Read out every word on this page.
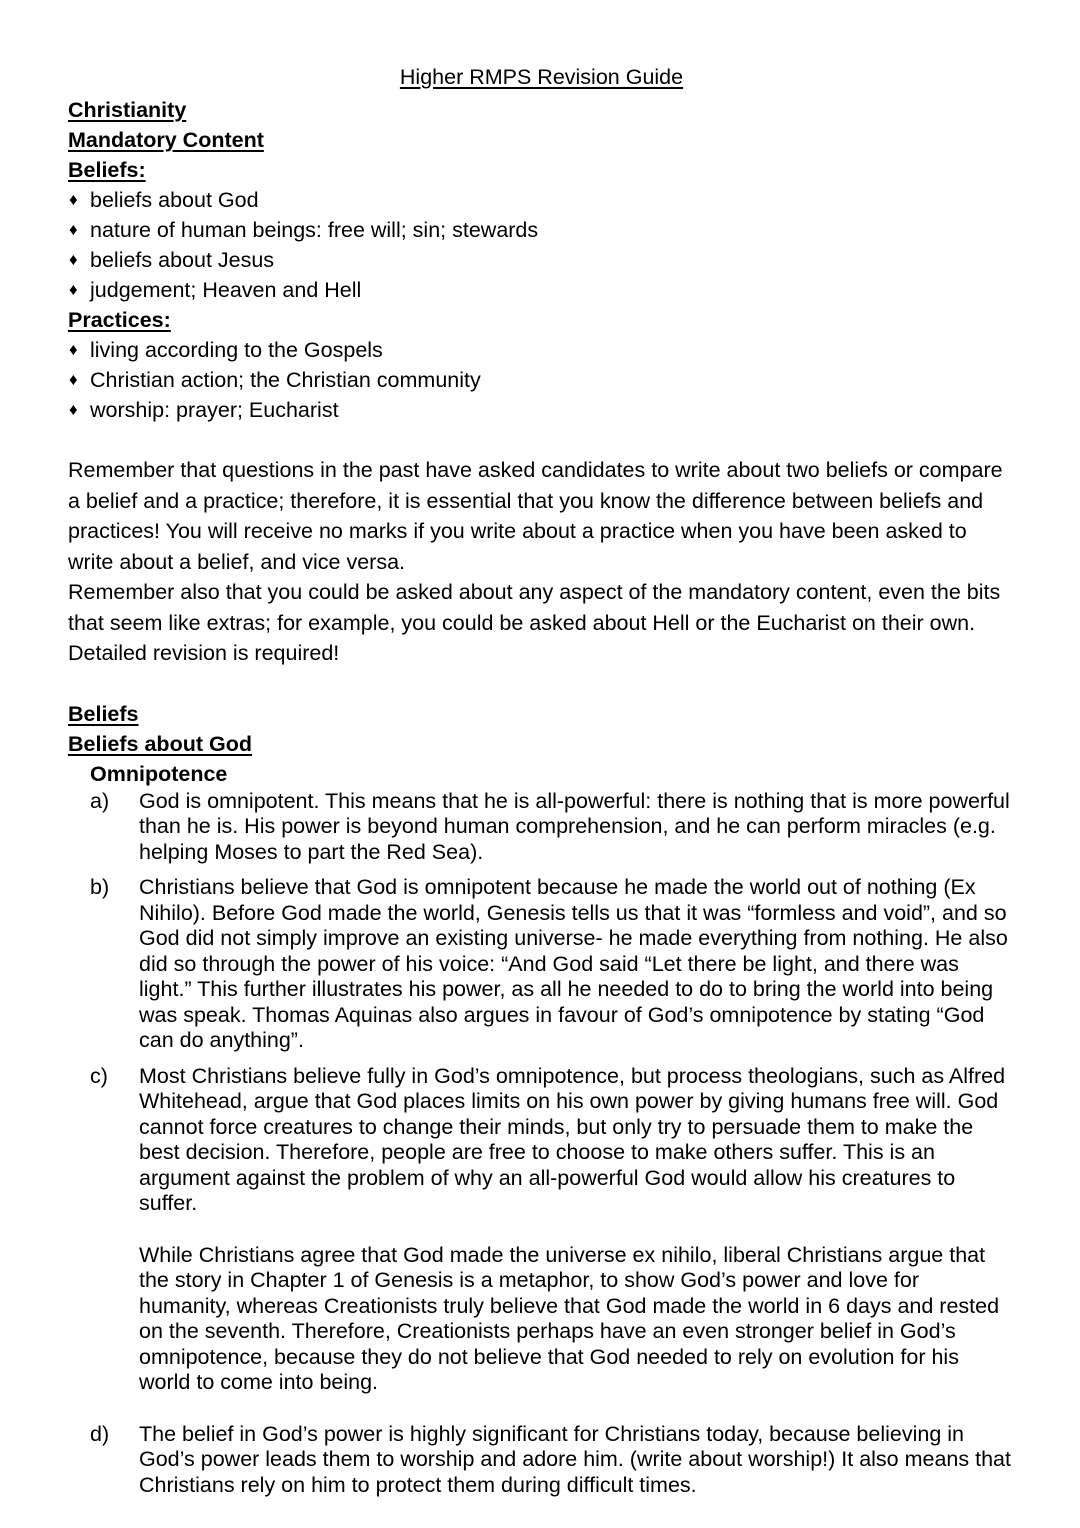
Higher RMPS Revision Guide
Christianity
Mandatory Content
Beliefs:
♦ beliefs about God
♦ nature of human beings: free will; sin; stewards
♦ beliefs about Jesus
♦ judgement; Heaven and Hell
Practices:
♦ living according to the Gospels
♦ Christian action; the Christian community
♦ worship: prayer; Eucharist

Remember that questions in the past have asked candidates to write about two beliefs or compare a belief and a practice; therefore, it is essential that you know the difference between beliefs and practices! You will receive no marks if you write about a practice when you have been asked to write about a belief, and vice versa.

Remember also that you could be asked about any aspect of the mandatory content, even the bits that seem like extras; for example, you could be asked about Hell or the Eucharist on their own. Detailed revision is required!

Beliefs
Beliefs about God
Omnipotence
a)	God is omnipotent. This means that he is all-powerful: there is nothing that is more powerful than he is. His power is beyond human comprehension, and he can perform miracles (e.g. helping Moses to part the Red Sea).
b)	Christians believe that God is omnipotent because he made the world out of nothing (Ex Nihilo). Before God made the world, Genesis tells us that it was “formless and void”, and so God did not simply improve an existing universe- he made everything from nothing. He also did so through the power of his voice: “And God said “Let there be light, and there was light.” This further illustrates his power, as all he needed to do to bring the world into being was speak. Thomas Aquinas also argues in favour of God’s omnipotence by stating “God can do anything”.
c)	Most Christians believe fully in God’s omnipotence, but process theologians, such as Alfred Whitehead, argue that God places limits on his own power by giving humans free will. God cannot force creatures to change their minds, but only try to persuade them to make the best decision. Therefore, people are free to choose to make others suffer. This is an argument against the problem of why an all-powerful God would allow his creatures to suffer.

While Christians agree that God made the universe ex nihilo, liberal Christians argue that the story in Chapter 1 of Genesis is a metaphor, to show God’s power and love for humanity, whereas Creationists truly believe that God made the world in 6 days and rested on the seventh. Therefore, Creationists perhaps have an even stronger belief in God’s omnipotence, because they do not believe that God needed to rely on evolution for his world to come into being.

d)	The belief in God’s power is highly significant for Christians today, because believing in God’s power leads them to worship and adore him. (write about worship!) It also means that Christians rely on him to protect them during difficult times.
